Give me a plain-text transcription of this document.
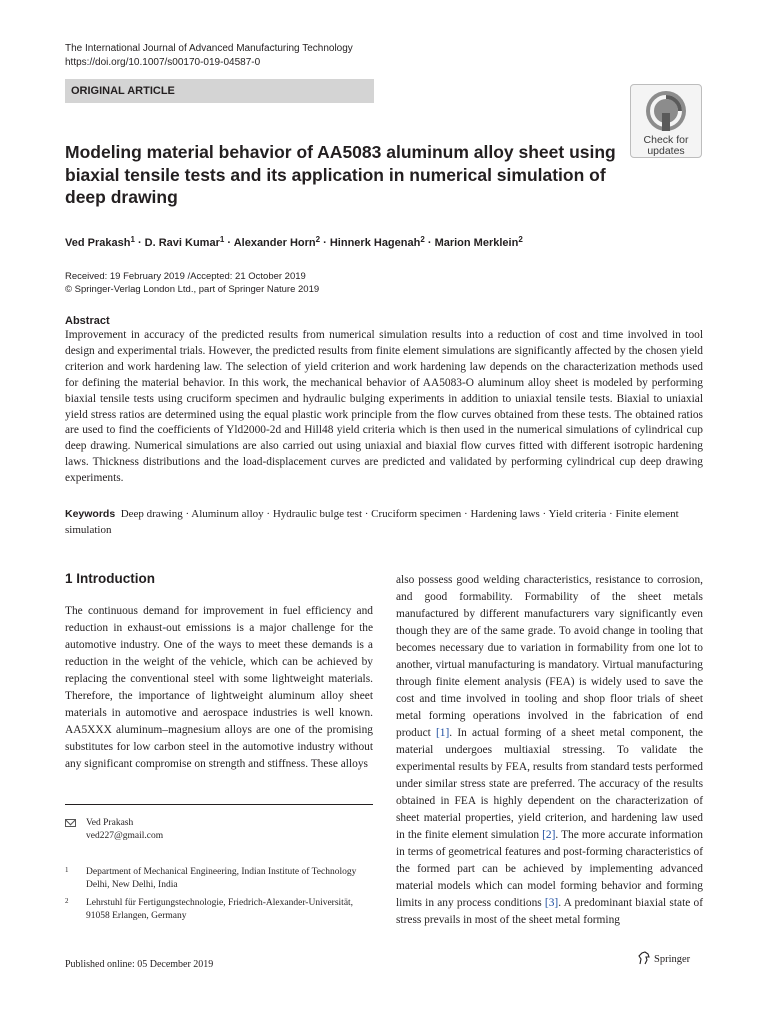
The International Journal of Advanced Manufacturing Technology
https://doi.org/10.1007/s00170-019-04587-0
ORIGINAL ARTICLE
Check for
updates
Modeling material behavior of AA5083 aluminum alloy sheet using biaxial tensile tests and its application in numerical simulation of deep drawing
Ved Prakash$^1$ · D. Ravi Kumar$^1$ · Alexander Horn$^2$ · Hinnerk Hagenah$^2$ · Marion Merklein$^2$
Received: 19 February 2019 /Accepted: 21 October 2019
© Springer-Verlag London Ltd., part of Springer Nature 2019
Abstract

Improvement in accuracy of the predicted results from numerical simulation results into a reduction of cost and time involved in tool design and experimental trials. However, the predicted results from finite element simulations are significantly affected by the chosen yield criterion and work hardening law. The selection of yield criterion and work hardening law depends on the characterization methods used for defining the material behavior. In this work, the mechanical behavior of AA5083-O aluminum alloy sheet is modeled by performing biaxial tensile tests using cruciform specimen and hydraulic bulging experiments in addition to uniaxial tensile tests. Biaxial to uniaxial yield stress ratios are determined using the equal plastic work principle from the flow curves obtained from these tests. The obtained ratios are used to find the coefficients of Yld2000-2d and Hill48 yield criteria which is then used in the numerical simulations of cylindrical cup deep drawing. Numerical simulations are also carried out using uniaxial and biaxial flow curves fitted with different isotropic hardening laws. Thickness distributions and the load-displacement curves are predicted and validated by performing cylindrical cup deep drawing experiments.

Keywords Deep drawing · Aluminum alloy · Hydraulic bulge test · Cruciform specimen · Hardening laws · Yield criteria · Finite element simulation

1 Introduction

The continuous demand for improvement in fuel efficiency and reduction in exhaust-out emissions is a major challenge for the automotive industry. One of the ways to meet these demands is a reduction in the weight of the vehicle, which can be achieved by replacing the conventional steel with some lightweight materials. Therefore, the importance of lightweight aluminum alloy sheet materials in automotive and aerospace industries is well known. AA5XXX aluminum–magnesium alloys are one of the promising substitutes for low carbon steel in the automotive industry without any significant compromise on strength and stiffness. These alloys

also possess good welding characteristics, resistance to corrosion, and good formability. Formability of the sheet metals manufactured by different manufacturers vary significantly even though they are of the same grade. To avoid change in tooling that becomes necessary due to variation in formability from one lot to another, virtual manufacturing is mandatory. Virtual manufacturing through finite element analysis (FEA) is widely used to save the cost and time involved in tooling and shop floor trials of sheet metal forming operations involved in the fabrication of end product [1]. In actual forming of a sheet metal component, the material undergoes multiaxial stressing. To validate the experimental results by FEA, results from standard tests performed under similar stress state are preferred. The accuracy of the results obtained in FEA is highly dependent on the characterization of sheet material properties, yield criterion, and hardening law used in the finite element simulation [2]. The more accurate information in terms of geometrical features and post-forming characteristics of the formed part can be achieved by implementing advanced material models which can model forming behavior and forming limits in any process conditions [3]. A predominant biaxial state of stress prevails in most of the sheet metal forming

Ved Prakash
ved227@gmail.com
1 Department of Mechanical Engineering, Indian Institute of Technology Delhi, New Delhi, India
2 Lehrstuhl für Fertigungstechnologie, Friedrich-Alexander-Universität, 91058 Erlangen, Germany
Published online: 05 December 2019	Springer
